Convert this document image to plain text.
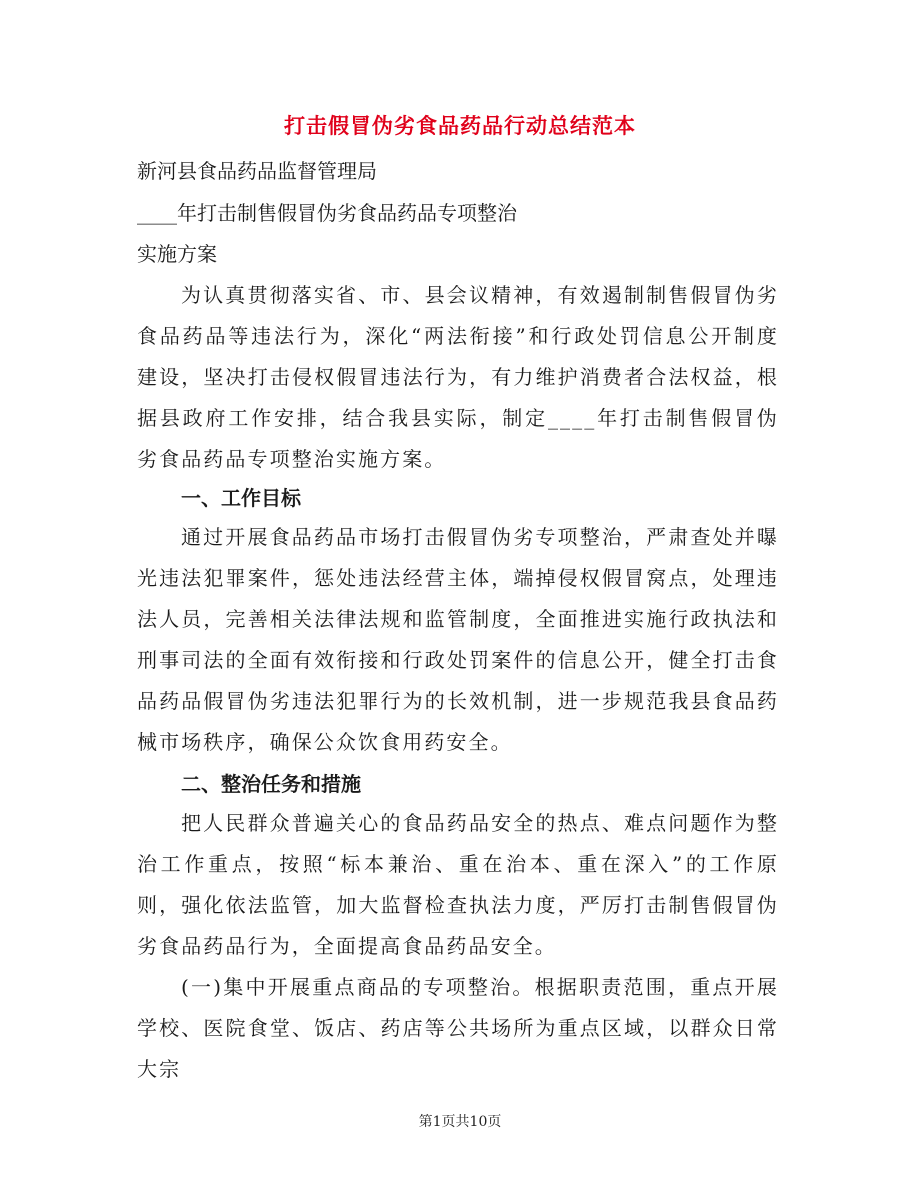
打击假冒伪劣食品药品行动总结范本
新河县食品药品监督管理局
____年打击制售假冒伪劣食品药品专项整治
实施方案
为认真贯彻落实省、市、县会议精神，有效遏制制售假冒伪劣食品药品等违法行为，深化“两法衔接”和行政处罚信息公开制度建设，坚决打击侵权假冒违法行为，有力维护消费者合法权益，根据县政府工作安排，结合我县实际，制定____年打击制售假冒伪劣食品药品专项整治实施方案。
一、工作目标
通过开展食品药品市场打击假冒伪劣专项整治，严肃查处并曝光违法犯罪案件，惩处违法经营主体，端掉侵权假冒窝点，处理违法人员，完善相关法律法规和监管制度，全面推进实施行政执法和刑事司法的全面有效衔接和行政处罚案件的信息公开，健全打击食品药品假冒伪劣违法犯罪行为的长效机制，进一步规范我县食品药械市场秩序，确保公众饮食用药安全。
二、整治任务和措施
把人民群众普遍关心的食品药品安全的热点、难点问题作为整治工作重点，按照“标本兼治、重在治本、重在深入”的工作原则，强化依法监管，加大监督检查执法力度，严厉打击制售假冒伪劣食品药品行为，全面提高食品药品安全。
(一)集中开展重点商品的专项整治。根据职责范围，重点开展学校、医院食堂、饭店、药店等公共场所为重点区域，以群众日常大宗
第1页共10页
